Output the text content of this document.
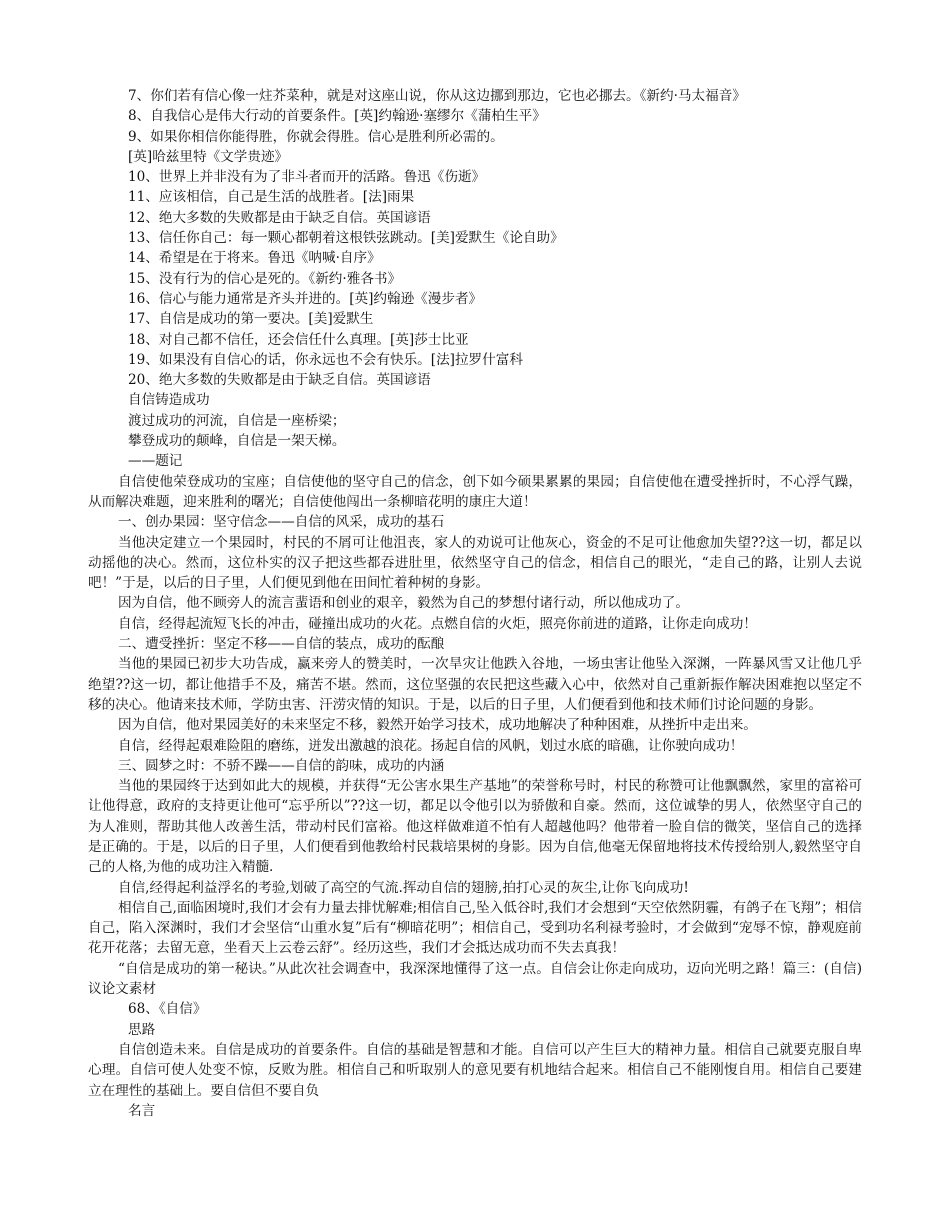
7、你们若有信心像一炷芥菜种，就是对这座山说，你从这边挪到那边，它也必挪去。《新约·马太福音》
8、自我信心是伟大行动的首要条件。[英]约翰逊·塞缪尔《蒲柏生平》
9、如果你相信你能得胜，你就会得胜。信心是胜利所必需的。
[英]哈兹里特《文学贵迹》
10、世界上并非没有为了非斗者而开的活路。鲁迅《伤逝》
11、应该相信，自己是生活的战胜者。[法]雨果
12、绝大多数的失败都是由于缺乏自信。英国谚语
13、信任你自己：每一颗心都朝着这根铁弦跳动。[美]爱默生《论自助》
14、希望是在于将来。鲁迅《呐喊·自序》
15、没有行为的信心是死的。《新约·雅各书》
16、信心与能力通常是齐头并进的。[英]约翰逊《漫步者》
17、自信是成功的第一要决。[美]爱默生
18、对自己都不信任，还会信任什么真理。[英]莎士比亚
19、如果没有自信心的话，你永远也不会有快乐。[法]拉罗什富科
20、绝大多数的失败都是由于缺乏自信。英国谚语
自信铸造成功
渡过成功的河流，自信是一座桥梁；
攀登成功的颠峰，自信是一架天梯。
——题记
自信使他荣登成功的宝座；自信使他的坚守自己的信念，创下如今硕果累累的果园；自信使他在遭受挫折时，不心浮气躁，从而解决难题，迎来胜利的曙光；自信使他闯出一条柳暗花明的康庄大道！
一、创办果园：坚守信念——自信的风采，成功的基石
当他决定建立一个果园时，村民的不屑可让他沮丧，家人的劝说可让他灰心，资金的不足可让他愈加失望??这一切，都足以动摇他的决心。然而，这位朴实的汉子把这些都吞进肚里，依然坚守自己的信念，相信自己的眼光，“走自己的路，让别人去说吧！”于是，以后的日子里，人们便见到他在田间忙着种树的身影。
因为自信，他不顾旁人的流言蜚语和创业的艰辛，毅然为自己的梦想付诸行动，所以他成功了。
自信，经得起流短飞长的冲击，碰撞出成功的火花。点燃自信的火炬，照亮你前进的道路，让你走向成功！
二、遭受挫折：坚定不移——自信的装点，成功的酝酿
当他的果园已初步大功告成，赢来旁人的赞美时，一次旱灾让他跌入谷地，一场虫害让他坠入深渊，一阵暴风雪又让他几乎绝望??这一切，都让他措手不及，痛苦不堪。然而，这位坚强的农民把这些藏入心中，依然对自己重新振作解决困难抱以坚定不移的决心。他请来技术师，学防虫害、汗涝灾情的知识。于是，以后的日子里，人们便看到他和技术师们讨论问题的身影。
因为自信，他对果园美好的未来坚定不移，毅然开始学习技术，成功地解决了种种困难，从挫折中走出来。
自信，经得起艰难险阻的磨练，迸发出激越的浪花。扬起自信的风帆，划过水底的暗礁，让你驶向成功！
三、圆梦之时：不骄不躁——自信的韵味，成功的内涵
当他的果园终于达到如此大的规模，并获得“无公害水果生产基地”的荣誉称号时，村民的称赞可让他飘飘然，家里的富裕可让他得意，政府的支持更让他可“忘乎所以”??这一切，都足以令他引以为骄傲和自豪。然而，这位诚挚的男人，依然坚守自己的为人准则，帮助其他人改善生活，带动村民们富裕。他这样做难道不怕有人超越他吗？他带着一脸自信的微笑，坚信自己的选择是正确的。于是，以后的日子里，人们便看到他教给村民栽培果树的身影。因为自信,他毫无保留地将技术传授给别人,毅然坚守自己的人格,为他的成功注入精髓.
自信,经得起利益浮名的考验,划破了高空的气流.挥动自信的翅膀,拍打心灵的灰尘,让你飞向成功!
相信自己,面临困境时,我们才会有力量去排忧解难;相信自己,坠入低谷时,我们才会想到“天空依然阴霾，有鸽子在飞翔”；相信自己，陷入深渊时，我们才会坚信“山重水复”后有“柳暗花明”；相信自己，受到功名利禄考验时，才会做到“宠辱不惊，静观庭前花开花落；去留无意，坐看天上云卷云舒”。经历这些，我们才会抵达成功而不失去真我！
“自信是成功的第一秘诀。”从此次社会调查中，我深深地懂得了这一点。自信会让你走向成功，迈向光明之路！篇三：(自信)议论文素材
68、《自信》
思路
自信创造未来。自信是成功的首要条件。自信的基础是智慧和才能。自信可以产生巨大的精神力量。相信自己就要克服自卑心理。自信可使人处变不惊，反败为胜。相信自己和听取别人的意见要有机地结合起来。相信自己不能刚愎自用。相信自己要建立在理性的基础上。要自信但不要自负
名言
